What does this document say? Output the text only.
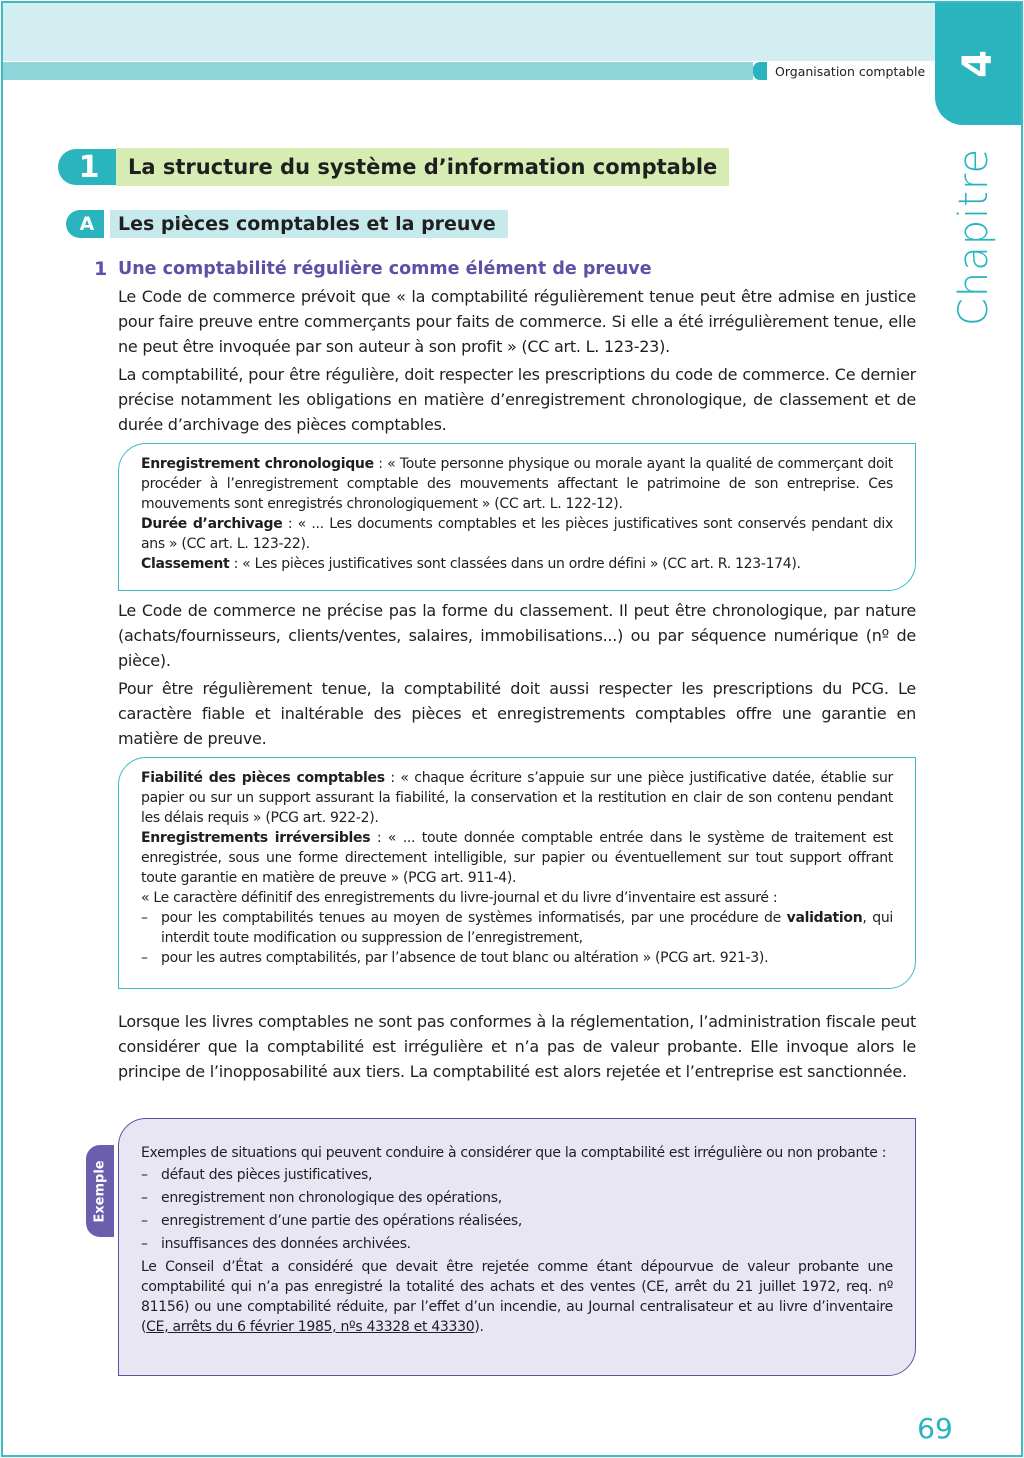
Organisation comptable 4
Chapitre
1	La structure du système d’information comptable
A	Les pièces comptables et la preuve
1 Une comptabilité régulière comme élément de preuve

Le Code de commerce prévoit que « la comptabilité régulièrement tenue peut être admise en justice pour faire preuve entre commerçants pour faits de commerce. Si elle a été irrégulièrement tenue, elle ne peut être invoquée par son auteur à son profit » (CC art. L. 123-23).

La comptabilité, pour être régulière, doit respecter les prescriptions du code de commerce. Ce dernier précise notamment les obligations en matière d’enregistrement chronologique, de classement et de durée d’archivage des pièces comptables.

Enregistrement chronologique : « Toute personne physique ou morale ayant la qualité de commerçant doit procéder à l’enregistrement comptable des mouvements affectant le patrimoine de son entreprise. Ces mouvements sont enregistrés chronologiquement » (CC art. L. 122-12).

Durée d’archivage : « ... Les documents comptables et les pièces justificatives sont conservés pendant dix ans » (CC art. L. 123-22).

Classement : « Les pièces justificatives sont classées dans un ordre défini » (CC art. R. 123-174).

Le Code de commerce ne précise pas la forme du classement. Il peut être chronologique, par nature (achats/fournisseurs, clients/ventes, salaires, immobilisations...) ou par séquence numérique (nº de pièce).

Pour être régulièrement tenue, la comptabilité doit aussi respecter les prescriptions du PCG. Le caractère fiable et inaltérable des pièces et enregistrements comptables offre une garantie en matière de preuve.

Fiabilité des pièces comptables : « chaque écriture s’appuie sur une pièce justificative datée, établie sur papier ou sur un support assurant la fiabilité, la conservation et la restitution en clair de son contenu pendant les délais requis » (PCG art. 922-2).

Enregistrements irréversibles : « ... toute donnée comptable entrée dans le système de traitement est enregistrée, sous une forme directement intelligible, sur papier ou éventuellement sur tout support offrant toute garantie en matière de preuve » (PCG art. 911-4).

« Le caractère définitif des enregistrements du livre-journal et du livre d’inventaire est assuré :

– pour les comptabilités tenues au moyen de systèmes informatisés, par une procédure de validation, qui interdit toute modification ou suppression de l’enregistrement,
– pour les autres comptabilités, par l’absence de tout blanc ou altération » (PCG art. 921-3).

Lorsque les livres comptables ne sont pas conformes à la réglementation, l’administration fiscale peut considérer que la comptabilité est irrégulière et n’a pas de valeur probante. Elle invoque alors le principe de l’inopposabilité aux tiers. La comptabilité est alors rejetée et l’entreprise est sanctionnée.

Exemple

Exemples de situations qui peuvent conduire à considérer que la comptabilité est irrégulière ou non probante :

– défaut des pièces justificatives,
– enregistrement non chronologique des opérations,
– enregistrement d’une partie des opérations réalisées,
– insuffisances des données archivées.

Le Conseil d’État a considéré que devait être rejetée comme étant dépourvue de valeur probante une comptabilité qui n’a pas enregistré la totalité des achats et des ventes (CE, arrêt du 21 juillet 1972, req. nº 81156) ou une comptabilité réduite, par l’effet d’un incendie, au Journal centralisateur et au livre d’inventaire (CE, arrêts du 6 février 1985, nºs 43328 et 43330).

69
